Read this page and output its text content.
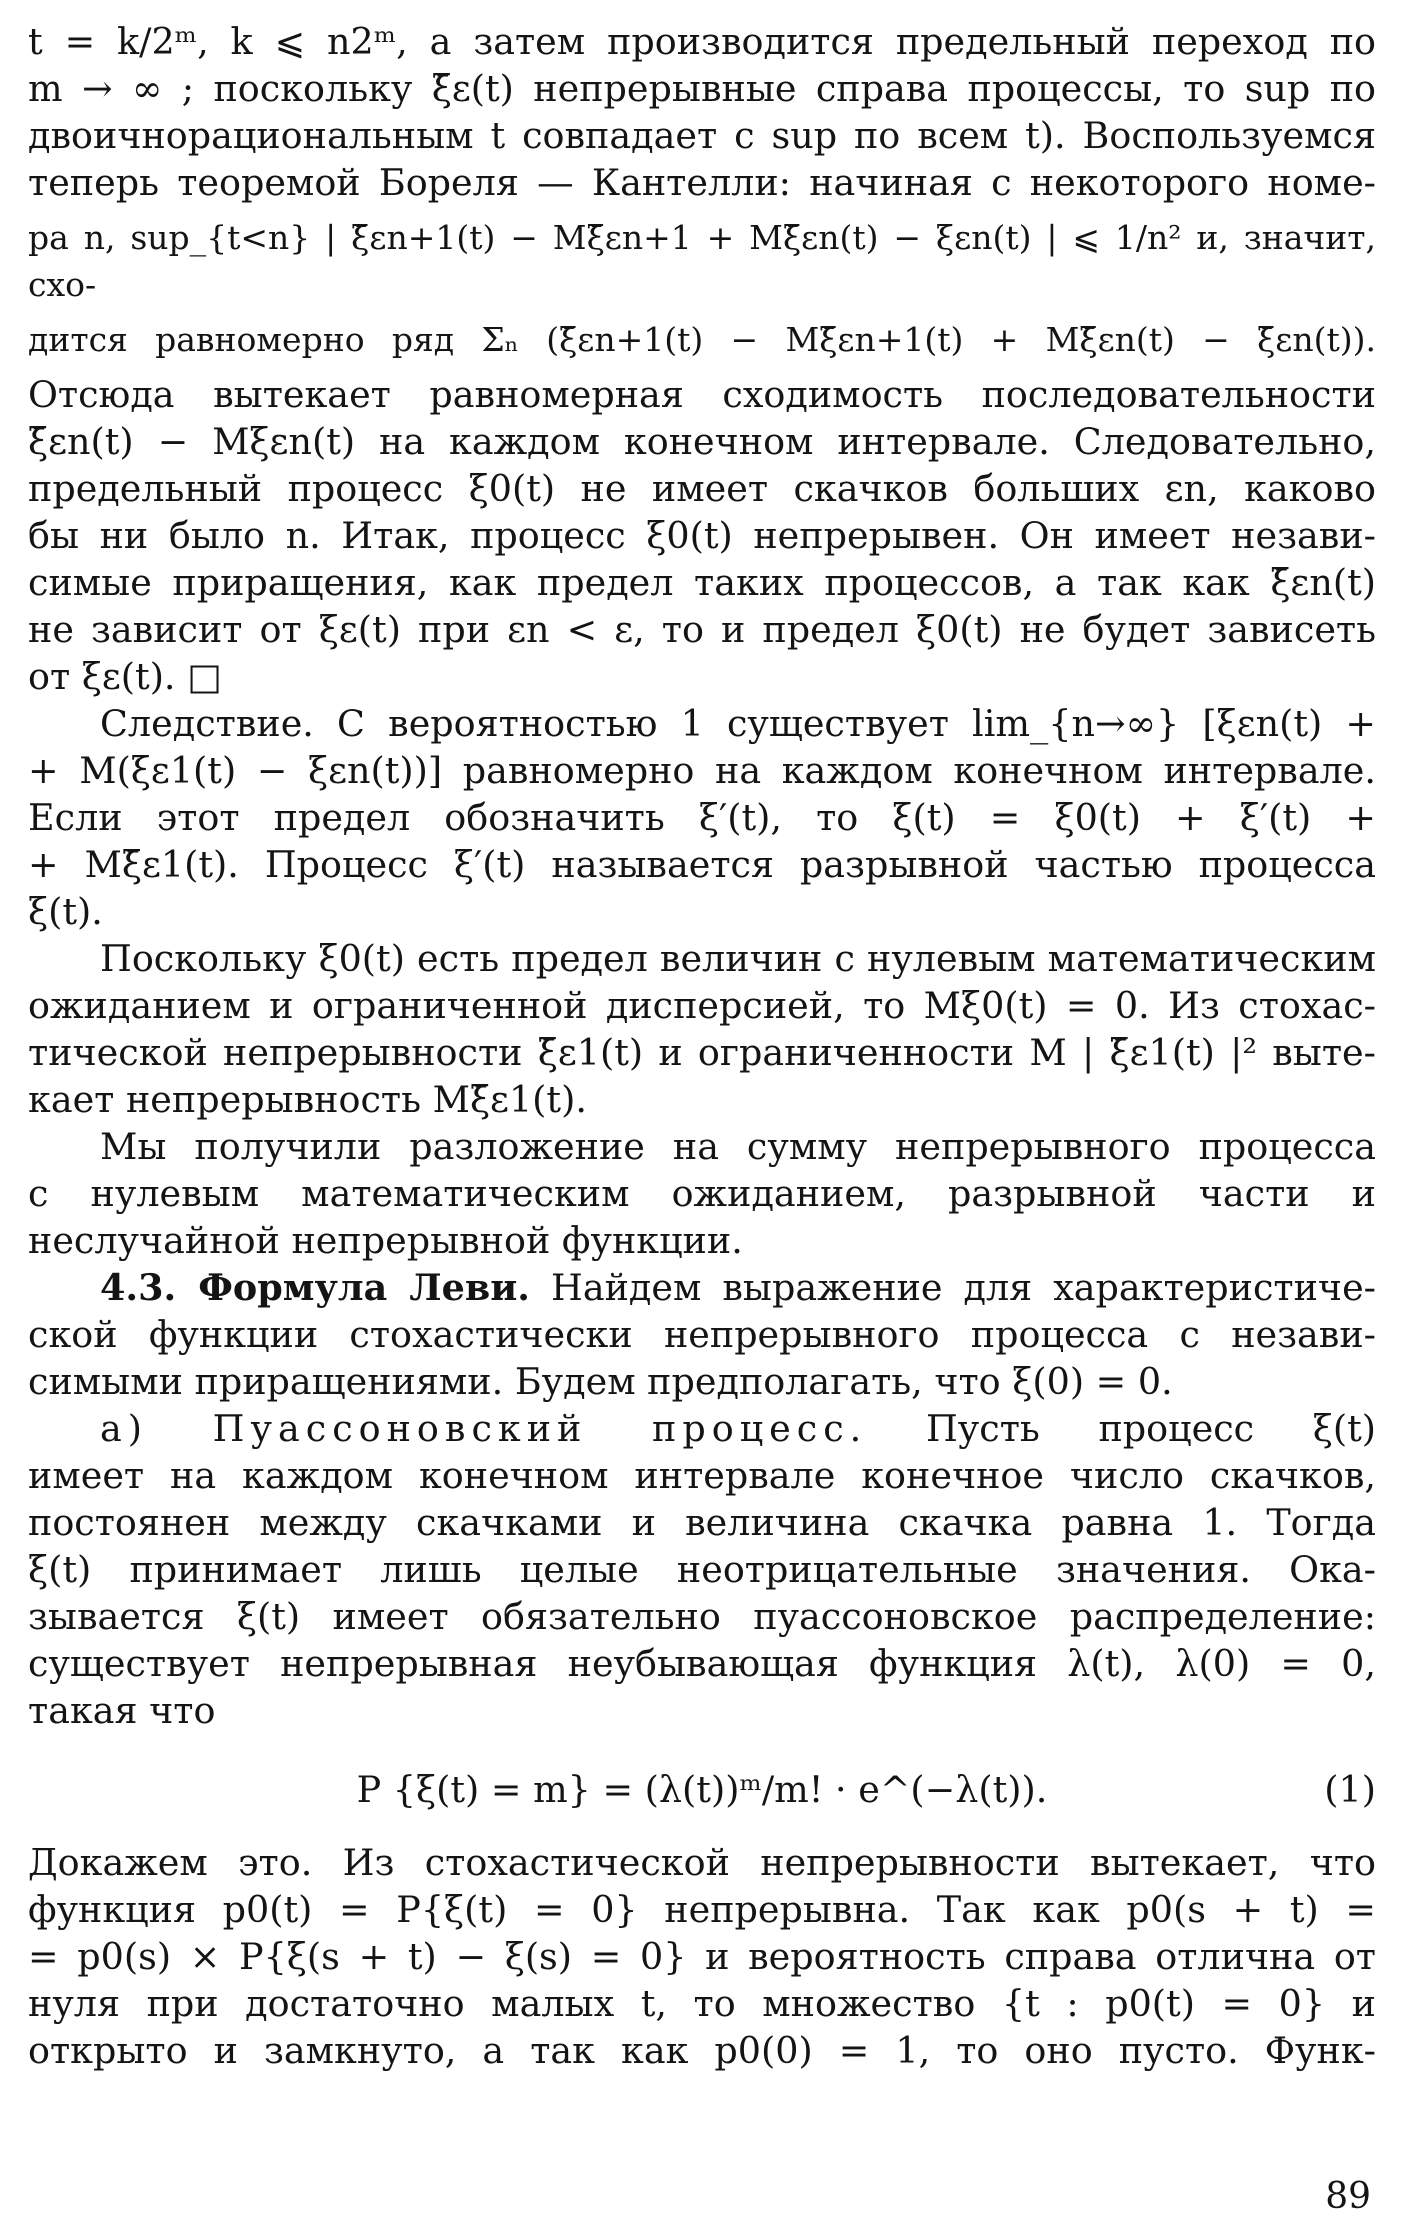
t = k/2ᵐ, k ⩽ n2ᵐ, а затем производится предельный переход по
m → ∞ ; поскольку ξ̄ε(t) непрерывные справа процессы, то sup по
двоичнорациональным t совпадает с sup по всем t). Воспользуемся
теперь теоремой Бореля — Кантелли: начиная с некоторого номе-
ра n, sup_{t<n} | ξ̄εn+1(t) − Mξ̄εn+1 + Mξ̄εn(t) − ξεn(t) | ⩽ 1/n² и, значит, схо-
дится равномерно ряд Σₙ (ξ̄εn+1(t) − Mξ̄εn+1(t) + Mξ̄εn(t) − ξ̄εn(t)).
Отсюда вытекает равномерная сходимость последовательности
ξ̄εn(t) − Mξεn(t) на каждом конечном интервале. Следовательно,
предельный процесс ξ0(t) не имеет скачков больших εn, каково
бы ни было n. Итак, процесс ξ0(t) непрерывен. Он имеет незави-
симые приращения, как предел таких процессов, а так как ξ̄εn(t)
не зависит от ξε(t) при εn < ε, то и предел ξ0(t) не будет зависеть
от ξε(t). □
Следствие. С вероятностью 1 существует lim_{n→∞} [ξεn(t) +
+ M(ξε1(t) − ξεn(t))] равномерно на каждом конечном интервале.
Если этот предел обозначить ξ′(t), то ξ(t) = ξ0(t) + ξ′(t) +
+ Mξ̄ε1(t). Процесс ξ′(t) называется разрывной частью процесса
ξ(t).
Поскольку ξ0(t) есть предел величин с нулевым математическим
ожиданием и ограниченной дисперсией, то Mξ0(t) = 0. Из стохас-
тической непрерывности ξ̄ε1(t) и ограниченности M | ξ̄ε1(t) |² выте-
кает непрерывность Mξ̄ε1(t).
Мы получили разложение на сумму непрерывного процесса
с нулевым математическим ожиданием, разрывной части и
неслучайной непрерывной функции.
4.3. Формула Леви. Найдем выражение для характеристиче-
ской функции стохастически непрерывного процесса с незави-
симыми приращениями. Будем предполагать, что ξ(0) = 0.
а) Пуассоновский процесс. Пусть процесс ξ(t)
имеет на каждом конечном интервале конечное число скачков,
постоянен между скачками и величина скачка равна 1. Тогда
ξ(t) принимает лишь целые неотрицательные значения. Ока-
зывается ξ(t) имеет обязательно пуассоновское распределение:
существует непрерывная неубывающая функция λ(t), λ(0) = 0,
такая что
P {ξ(t) = m} = (λ(t))ᵐ/m! · e^(−λ(t)).	(1)
Докажем это. Из стохастической непрерывности вытекает, что
функция p0(t) = P{ξ(t) = 0} непрерывна. Так как p0(s + t) =
= p0(s) × P{ξ(s + t) − ξ(s) = 0} и вероятность справа отлична от
нуля при достаточно малых t, то множество {t : p0(t) = 0} и
открыто и замкнуто, а так как p0(0) = 1, то оно пусто. Функ-
89
